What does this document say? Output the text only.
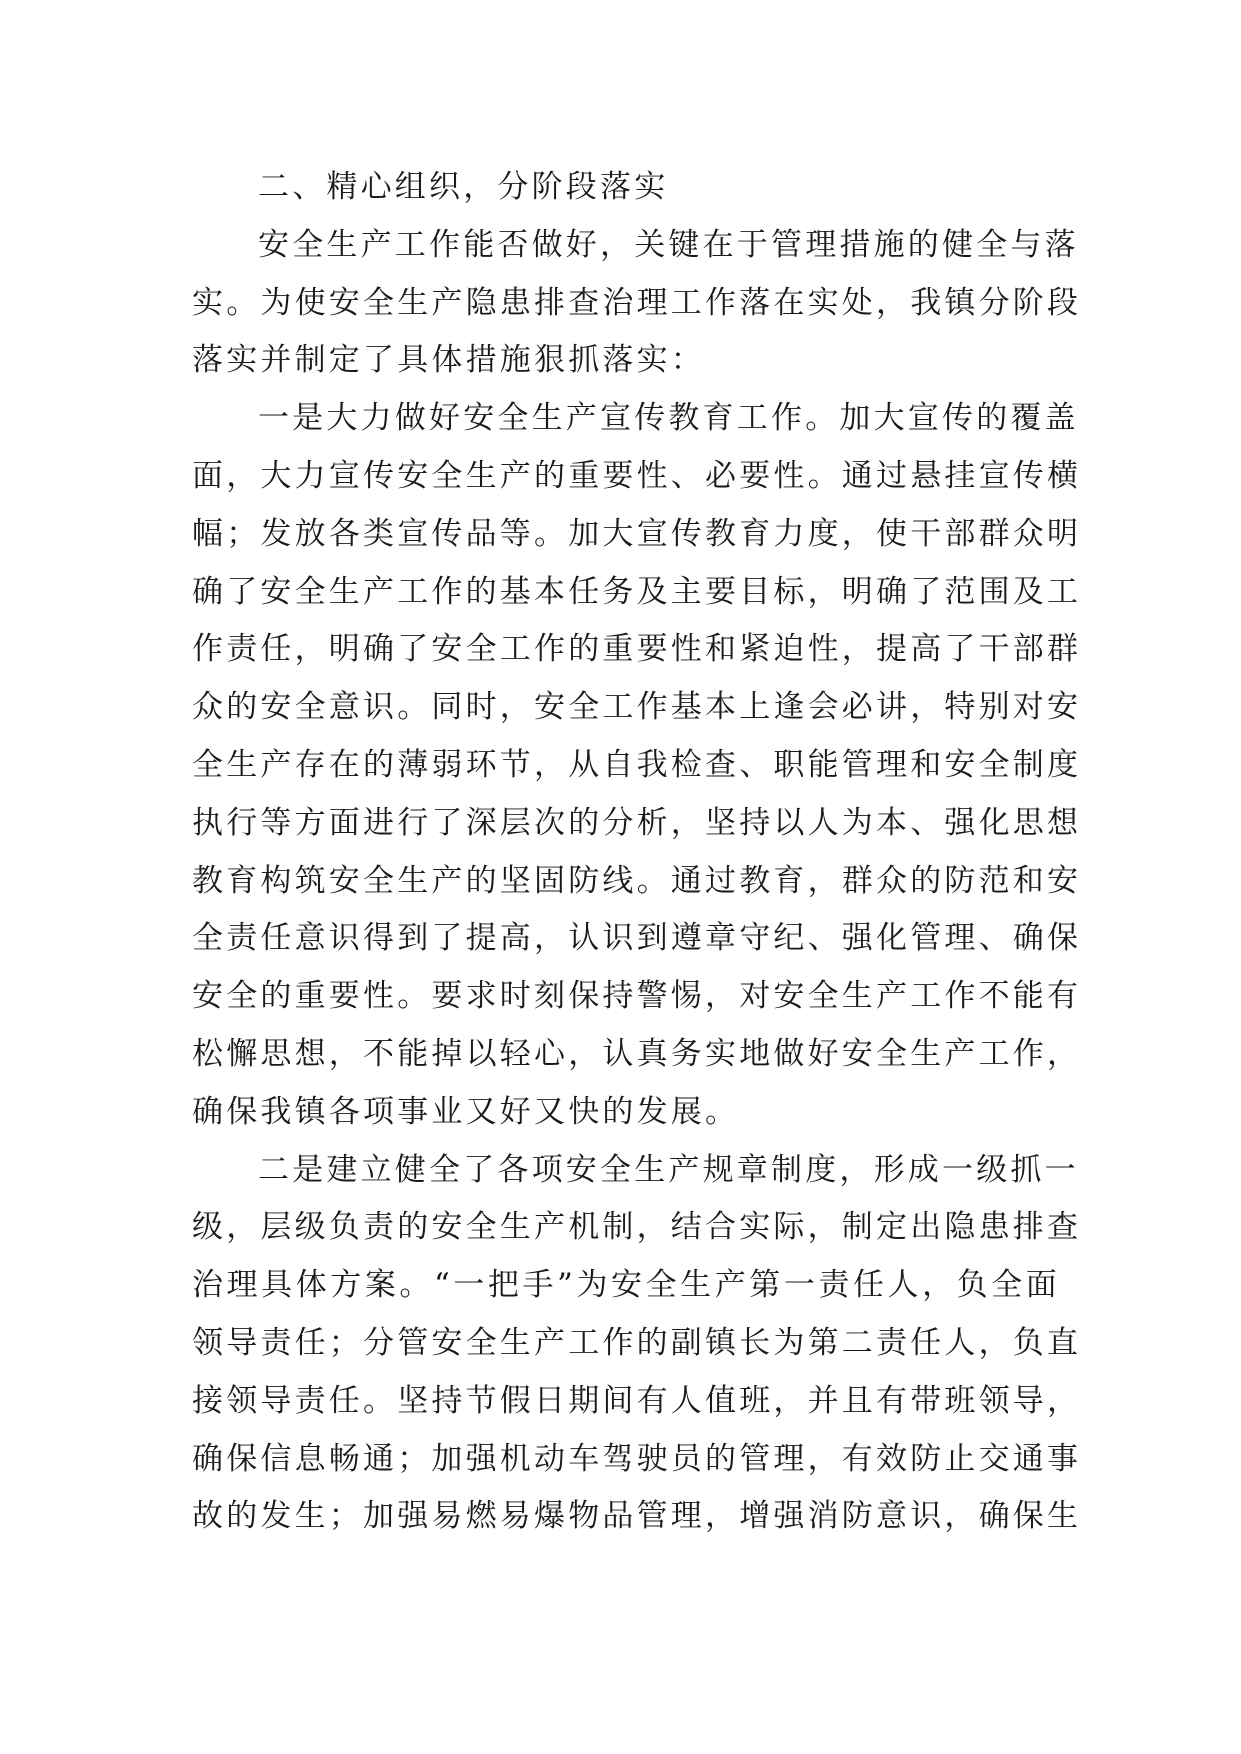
二、精心组织，分阶段落实
安全生产工作能否做好，关键在于管理措施的健全与落
实。为使安全生产隐患排查治理工作落在实处，我镇分阶段
落实并制定了具体措施狠抓落实：
一是大力做好安全生产宣传教育工作。加大宣传的覆盖
面，大力宣传安全生产的重要性、必要性。通过悬挂宣传横
幅；发放各类宣传品等。加大宣传教育力度，使干部群众明
确了安全生产工作的基本任务及主要目标，明确了范围及工
作责任，明确了安全工作的重要性和紧迫性，提高了干部群
众的安全意识。同时，安全工作基本上逢会必讲，特别对安
全生产存在的薄弱环节，从自我检查、职能管理和安全制度
执行等方面进行了深层次的分析，坚持以人为本、强化思想
教育构筑安全生产的坚固防线。通过教育，群众的防范和安
全责任意识得到了提高，认识到遵章守纪、强化管理、确保
安全的重要性。要求时刻保持警惕，对安全生产工作不能有
松懈思想，不能掉以轻心，认真务实地做好安全生产工作，
确保我镇各项事业又好又快的发展。
二是建立健全了各项安全生产规章制度，形成一级抓一
级，层级负责的安全生产机制，结合实际，制定出隐患排查
治理具体方案。“一把手”为安全生产第一责任人，负全面
领导责任；分管安全生产工作的副镇长为第二责任人，负直
接领导责任。坚持节假日期间有人值班，并且有带班领导，
确保信息畅通；加强机动车驾驶员的管理，有效防止交通事
故的发生；加强易燃易爆物品管理，增强消防意识，确保生
